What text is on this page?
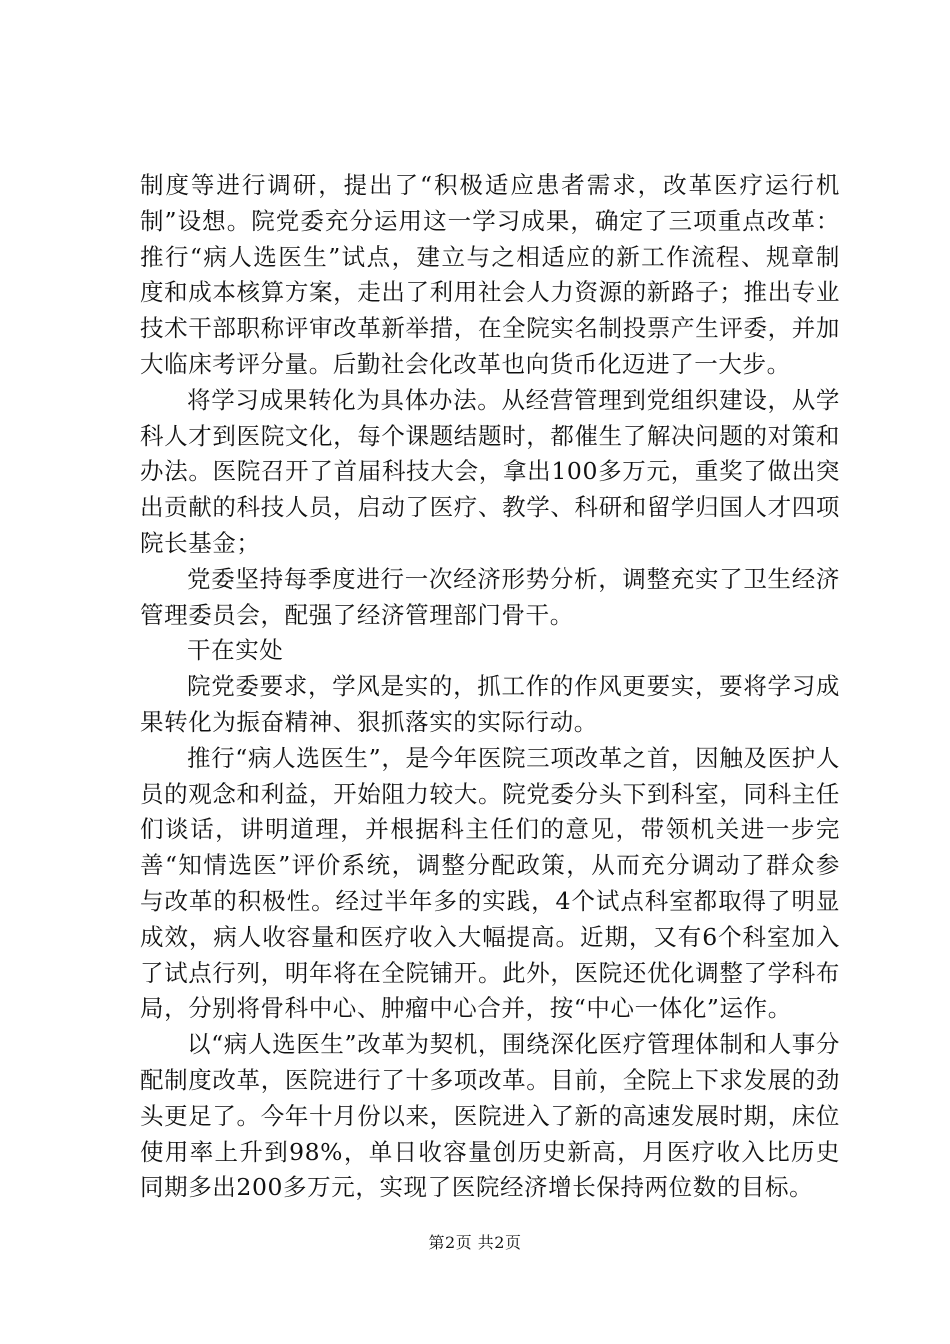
制度等进行调研，提出了“积极适应患者需求，改革医疗运行机制”设想。院党委充分运用这一学习成果，确定了三项重点改革：推行“病人选医生”试点，建立与之相适应的新工作流程、规章制度和成本核算方案，走出了利用社会人力资源的新路子；推出专业技术干部职称评审改革新举措，在全院实名制投票产生评委，并加大临床考评分量。后勤社会化改革也向货币化迈进了一大步。

将学习成果转化为具体办法。从经营管理到党组织建设，从学科人才到医院文化，每个课题结题时，都催生了解决问题的对策和办法。医院召开了首届科技大会，拿出100多万元，重奖了做出突出贡献的科技人员，启动了医疗、教学、科研和留学归国人才四项院长基金；

党委坚持每季度进行一次经济形势分析，调整充实了卫生经济管理委员会，配强了经济管理部门骨干。

干在实处

院党委要求，学风是实的，抓工作的作风更要实，要将学习成果转化为振奋精神、狠抓落实的实际行动。

推行“病人选医生”，是今年医院三项改革之首，因触及医护人员的观念和利益，开始阻力较大。院党委分头下到科室，同科主任们谈话，讲明道理，并根据科主任们的意见，带领机关进一步完善“知情选医”评价系统，调整分配政策，从而充分调动了群众参与改革的积极性。经过半年多的实践，4个试点科室都取得了明显成效，病人收容量和医疗收入大幅提高。近期，又有6个科室加入了试点行列，明年将在全院铺开。此外，医院还优化调整了学科布局，分别将骨科中心、肿瘤中心合并，按“中心一体化”运作。

以“病人选医生”改革为契机，围绕深化医疗管理体制和人事分配制度改革，医院进行了十多项改革。目前，全院上下求发展的劲头更足了。今年十月份以来，医院进入了新的高速发展时期，床位使用率上升到98%，单日收容量创历史新高，月医疗收入比历史同期多出200多万元，实现了医院经济增长保持两位数的目标。

第2页 共2页
